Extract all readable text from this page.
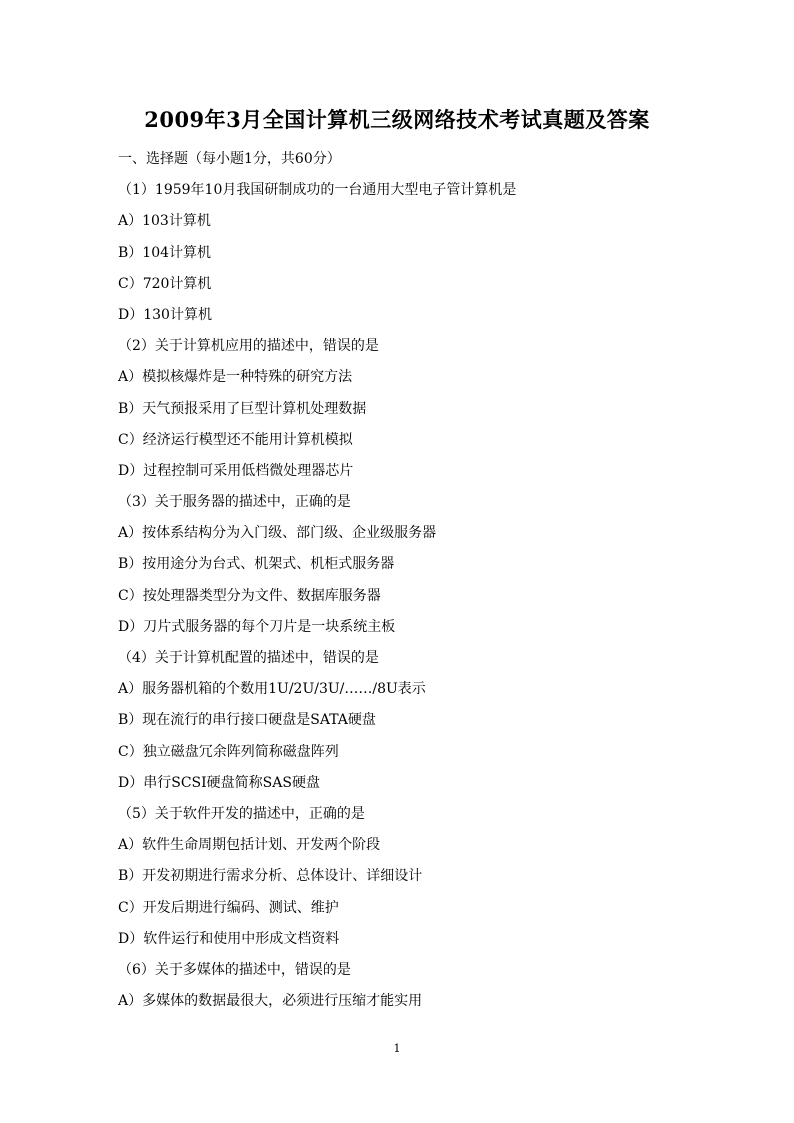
2009年3月全国计算机三级网络技术考试真题及答案
一、选择题（每小题1分，共60分）
（1）1959年10月我国研制成功的一台通用大型电子管计算机是
A）103计算机
B）104计算机
C）720计算机
D）130计算机
（2）关于计算机应用的描述中，错误的是
A）模拟核爆炸是一种特殊的研究方法
B）天气预报采用了巨型计算机处理数据
C）经济运行模型还不能用计算机模拟
D）过程控制可采用低档微处理器芯片
（3）关于服务器的描述中，正确的是
A）按体系结构分为入门级、部门级、企业级服务器
B）按用途分为台式、机架式、机柜式服务器
C）按处理器类型分为文件、数据库服务器
D）刀片式服务器的每个刀片是一块系统主板
（4）关于计算机配置的描述中，错误的是
A）服务器机箱的个数用1U/2U/3U/……/8U表示
B）现在流行的串行接口硬盘是SATA硬盘
C）独立磁盘冗余阵列简称磁盘阵列
D）串行SCSI硬盘简称SAS硬盘
（5）关于软件开发的描述中，正确的是
A）软件生命周期包括计划、开发两个阶段
B）开发初期进行需求分析、总体设计、详细设计
C）开发后期进行编码、测试、维护
D）软件运行和使用中形成文档资料
（6）关于多媒体的描述中，错误的是
A）多媒体的数据最很大，必须进行压缩才能实用
1
